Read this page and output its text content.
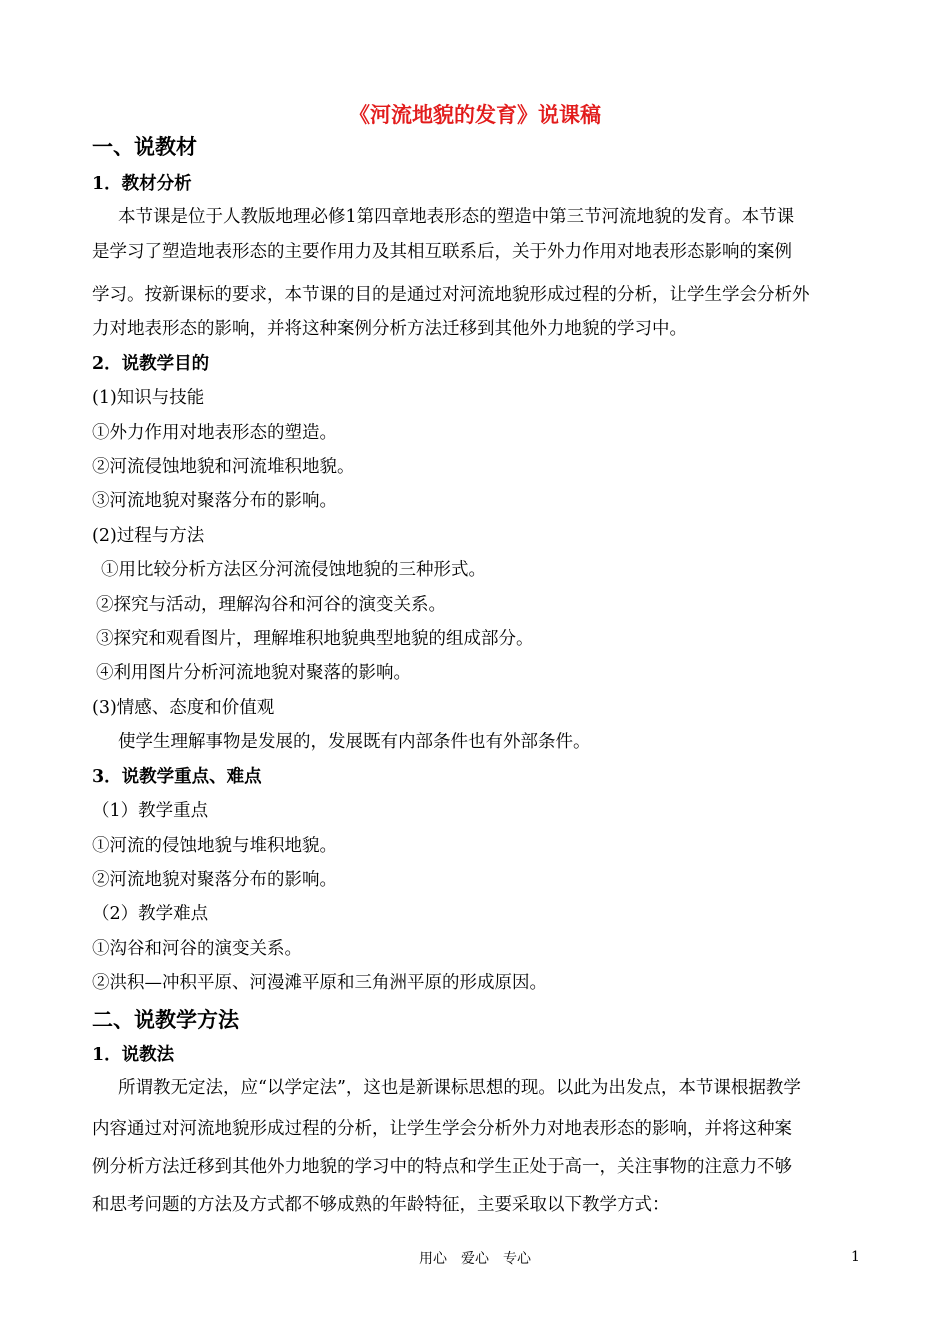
《河流地貌的发育》说课稿
一、说教材
1．教材分析
本节课是位于人教版地理必修1第四章地表形态的塑造中第三节河流地貌的发育。本节课
是学习了塑造地表形态的主要作用力及其相互联系后，关于外力作用对地表形态影响的案例
学习。按新课标的要求，本节课的目的是通过对河流地貌形成过程的分析，让学生学会分析外
力对地表形态的影响，并将这种案例分析方法迁移到其他外力地貌的学习中。
2．说教学目的
(1)知识与技能
①外力作用对地表形态的塑造。
②河流侵蚀地貌和河流堆积地貌。
③河流地貌对聚落分布的影响。
(2)过程与方法
①用比较分析方法区分河流侵蚀地貌的三种形式。
②探究与活动，理解沟谷和河谷的演变关系。
③探究和观看图片，理解堆积地貌典型地貌的组成部分。
④利用图片分析河流地貌对聚落的影响。
(3)情感、态度和价值观
使学生理解事物是发展的，发展既有内部条件也有外部条件。
3．说教学重点、难点
（1）教学重点
①河流的侵蚀地貌与堆积地貌。
②河流地貌对聚落分布的影响。
（2）教学难点
①沟谷和河谷的演变关系。
②洪积—冲积平原、河漫滩平原和三角洲平原的形成原因。
二、说教学方法
1．说教法
所谓教无定法，应“以学定法”，这也是新课标思想的现。以此为出发点，本节课根据教学
内容通过对河流地貌形成过程的分析，让学生学会分析外力对地表形态的影响，并将这种案
例分析方法迁移到其他外力地貌的学习中的特点和学生正处于高一，关注事物的注意力不够
和思考问题的方法及方式都不够成熟的年龄特征，主要采取以下教学方式：
用心　爱心　专心	1
